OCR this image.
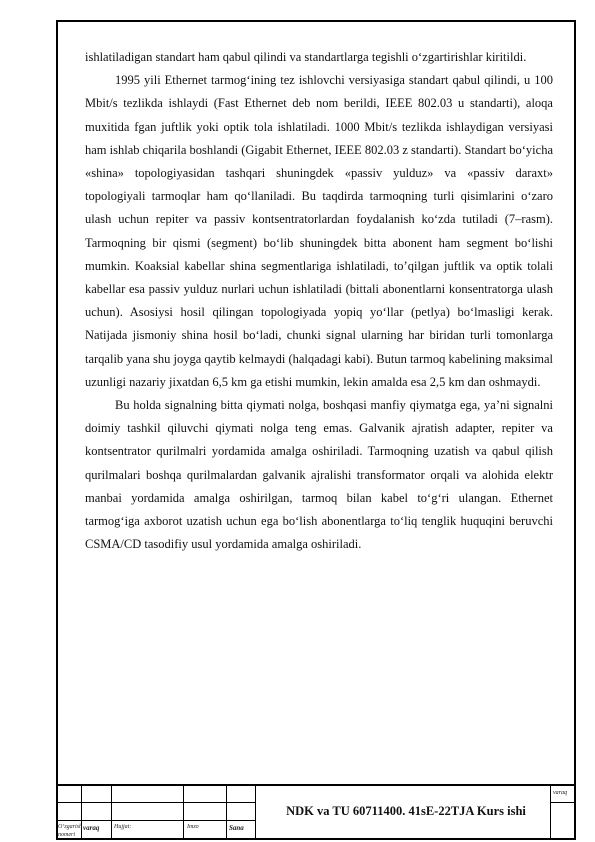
ishlatiladigan standart ham qabul qilindi va standartlarga tegishli o‘zgartirishlar kiritildi.

1995 yili Ethernet tarmog‘ining tez ishlovchi versiyasiga standart qabul qilindi, u 100 Mbit/s tezlikda ishlaydi (Fast Ethernet deb nom berildi, IEEE 802.03 u standarti), aloqa muxitida fgan juftlik yoki optik tola ishlatiladi. 1000 Mbit/s tezlikda ishlaydigan versiyasi ham ishlab chiqarila boshlandi (Gigabit Ethernet, IEEE 802.03 z standarti). Standart bo‘yicha «shina» topologiyasidan tashqari shuningdek «passiv yulduz» va «passiv daraxt» topologiyali tarmoqlar ham qo‘llaniladi. Bu taqdirda tarmoqning turli qisimlarini o‘zaro ulash uchun repiter va passiv kontsentratorlardan foydalanish ko‘zda tutiladi (7–rasm). Tarmoqning bir qismi (segment) bo‘lib shuningdek bitta abonent ham segment bo‘lishi mumkin. Koaksial kabellar shina segmentlariga ishlatiladi, to’qilgan juftlik va optik tolali kabellar esa passiv yulduz nurlari uchun ishlatiladi (bittali abonentlarni konsentratorga ulash uchun). Asosiysi hosil qilingan topologiyada yopiq yo‘llar (petlya) bo‘lmasligi kerak. Natijada jismoniy shina hosil bo‘ladi, chunki signal ularning har biridan turli tomonlarga tarqalib yana shu joyga qaytib kelmaydi (halqadagi kabi). Butun tarmoq kabelining maksimal uzunligi nazariy jixatdan 6,5 km ga etishi mumkin, lekin amalda esa 2,5 km dan oshmaydi.

Bu holda signalning bitta qiymati nolga, boshqasi manfiy qiymatga ega, ya’ni signalni doimiy tashkil qiluvchi qiymati nolga teng emas. Galvanik ajratish adapter, repiter va kontsentrator qurilmalri yordamida amalga oshiriladi. Tarmoqning uzatish va qabul qilish qurilmalari boshqa qurilmalardan galvanik ajralishi transformator orqali va alohida elektr manbai yordamida amalga oshirilgan, tarmoq bilan kabel to‘g‘ri ulangan. Ethernet tarmog‘iga axborot uzatish uchun ega bo‘lish abonentlarga to‘liq tenglik huquqini beruvchi CSMA/CD tasodifiy usul yordamida amalga oshiriladi.

O‘zgarish varaq Hujjat:	Imzo	Sana
nomeri
NDK va TU 60711400. 41sE-22TJA Kurs ishi
varaq
